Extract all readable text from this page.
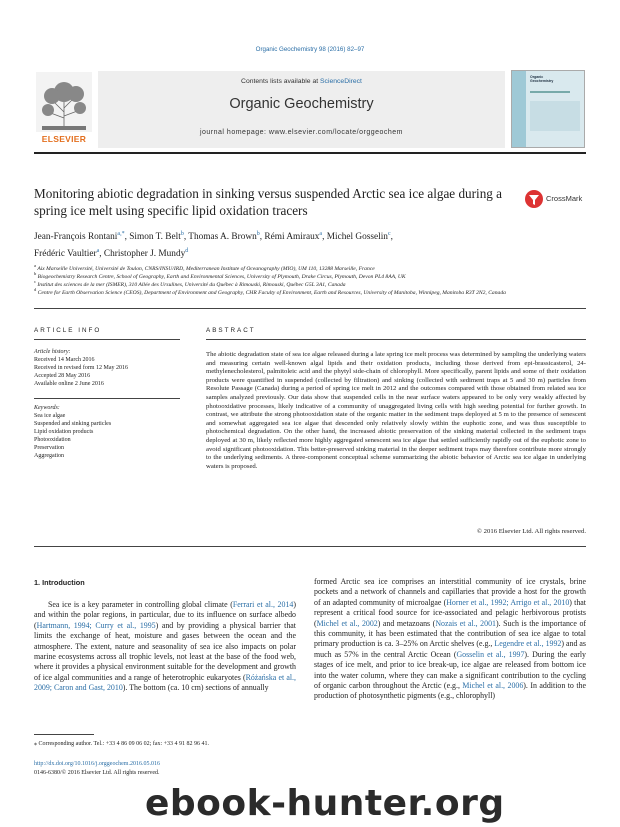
Organic Geochemistry 98 (2016) 82–97
Contents lists available at ScienceDirect
Organic Geochemistry
journal homepage: www.elsevier.com/locate/orggeochem
ELSEVIER
Organic
Geochemistry
Monitoring abiotic degradation in sinking versus suspended Arctic sea ice algae during a spring ice melt using specific lipid oxidation tracers
CrossMark
Jean-François Rontani$^{a,*}$, Simon T. Belt$^b$, Thomas A. Brown$^b$, Rémi Amiraux$^a$, Michel Gosselin$^c$,
Frédéric Vaultier$^a$, Christopher J. Mundy$^d$
$^a$ Aix Marseille Université, Université de Toulon, CNRS/INSU/IRD, Mediterranean Institute of Oceanography (MIO), UM 110, 13288 Marseille, France
$^b$ Biogeochemistry Research Centre, School of Geography, Earth and Environmental Sciences, University of Plymouth, Drake Circus, Plymouth, Devon PL4 8AA, UK
$^c$ Institut des sciences de la mer (ISMER), 310 Allée des Ursulines, Université du Québec à Rimouski, Rimouski, Québec G5L 3A1, Canada
$^d$ Centre for Earth Observation Science (CEOS), Department of Environment and Geography, CHR Faculty of Environment, Earth and Resources, University of Manitoba, Winnipeg, Manitoba R3T 2N2, Canada
ARTICLE INFO
Article history:
Received 14 March 2016
Received in revised form 12 May 2016
Accepted 28 May 2016
Available online 2 June 2016
Keywords:
Sea ice algae
Suspended and sinking particles
Lipid oxidation products
Photooxidation
Preservation
Aggregation
ABSTRACT
The abiotic degradation state of sea ice algae released during a late spring ice melt process was determined by sampling the underlying waters and measuring certain well-known algal lipids and their oxidation products, including those derived from epi-brassicasterol, 24-methylenecholesterol, palmitoleic acid and the phytyl side-chain of chlorophyll. More specifically, parent lipids and some of their oxidation products were quantified in suspended (collected by filtration) and sinking (collected with sediment traps at 5 and 30 m) particles from Resolute Passage (Canada) during a period of spring ice melt in 2012 and the outcomes compared with those obtained from related sea ice samples analyzed previously. Our data show that suspended cells in the near surface waters appeared to be only very weakly affected by photooxidative processes, likely indicative of a community of unaggregated living cells with high seeding potential for further growth. In contrast, we attribute the strong photooxidation state of the organic matter in the sediment traps deployed at 5 m to the presence of senescent and somewhat aggregated sea ice algae that descended only relatively slowly within the euphotic zone, and was thus susceptible to photochemical degradation. On the other hand, the increased abiotic preservation of the sinking material collected in the sediment traps deployed at 30 m, likely reflected more highly aggregated senescent sea ice algae that settled sufficiently rapidly out of the euphotic zone to avoid significant photooxidation. This better-preserved sinking material in the deeper sediment traps may therefore contribute more strongly to the underlying sediments. A three-component conceptual scheme summarizing the abiotic behavior of Arctic sea ice algae in underlying waters is proposed.
© 2016 Elsevier Ltd. All rights reserved.
1. Introduction
Sea ice is a key parameter in controlling global climate (Ferrari et al., 2014) and within the polar regions, in particular, due to its influence on surface albedo (Hartmann, 1994; Curry et al., 1995) and by providing a physical barrier that limits the exchange of heat, moisture and gases between the ocean and the atmosphere. The extent, nature and seasonality of sea ice also impacts on polar marine ecosystems across all trophic levels, not least at the base of the food web, where it provides a physical environment suitable for the development and growth of ice algal communities and a range of heterotrophic eukaryotes (Różańska et al., 2009; Caron and Gast, 2010). The bottom (ca. 10 cm) sections of annually
formed Arctic sea ice comprises an interstitial community of ice crystals, brine pockets and a network of channels and capillaries that provide a host for the growth of an adapted community of microalgae (Horner et al., 1992; Arrigo et al., 2010) that represent a critical food source for ice-associated and pelagic herbivorous protists (Michel et al., 2002) and metazoans (Nozais et al., 2001). Such is the importance of this community, it has been estimated that the contribution of sea ice algae to total primary production is ca. 3–25% on Arctic shelves (e.g., Legendre et al., 1992) and as much as 57% in the central Arctic Ocean (Gosselin et al., 1997). During the early stages of ice melt, and prior to ice break-up, ice algae are released from bottom ice into the water column, where they can make a significant contribution to the cycling of organic carbon throughout the Arctic (e.g., Michel et al., 2006). In addition to the production of photosynthetic pigments (e.g., chlorophyll)
⁎ Corresponding author. Tel.: +33 4 86 09 06 02; fax: +33 4 91 82 96 41.
http://dx.doi.org/10.1016/j.orggeochem.2016.05.016
0146-6380/© 2016 Elsevier Ltd. All rights reserved.
ebook-hunter.org
